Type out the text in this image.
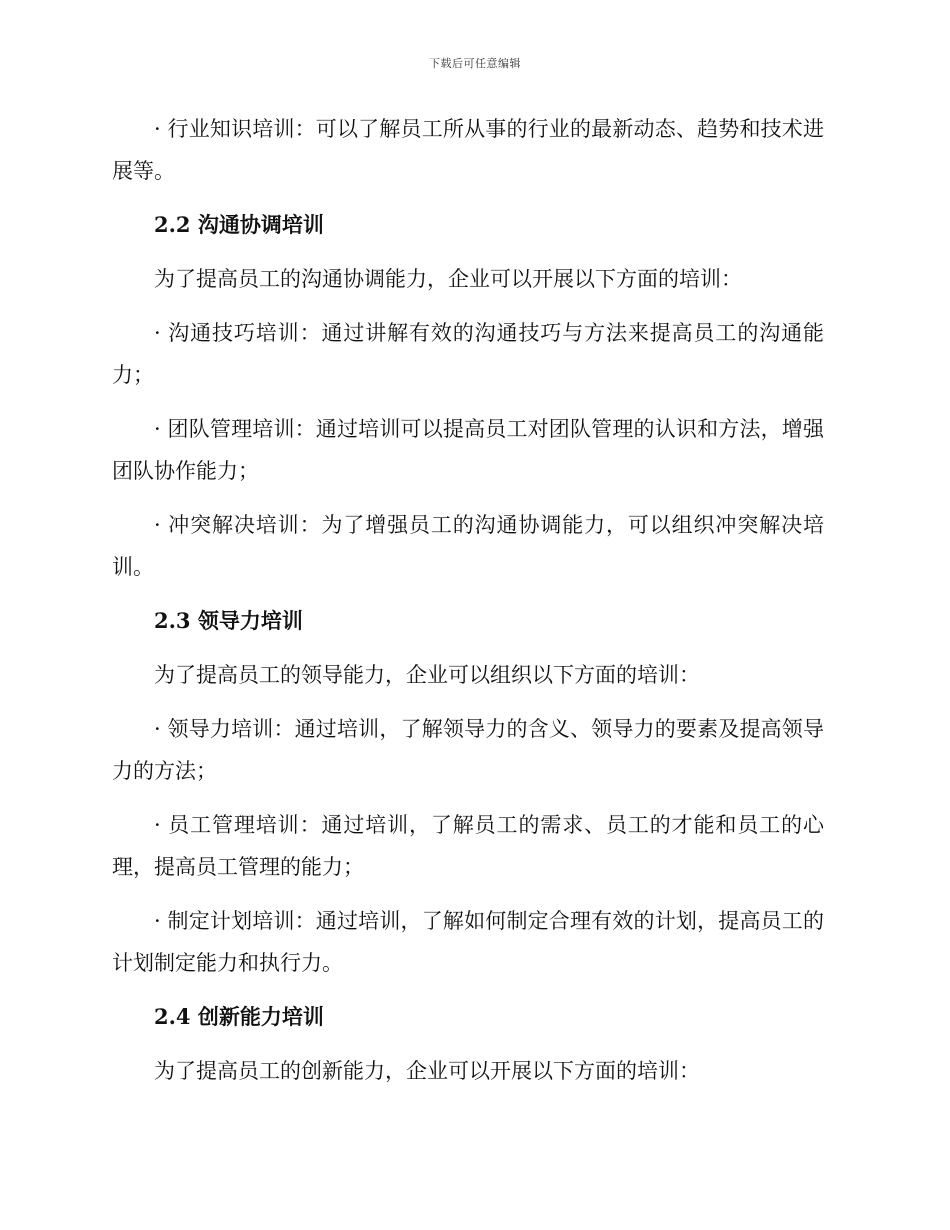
下载后可任意编辑

· 行业知识培训：可以了解员工所从事的行业的最新动态、趋势和技术进展等。

2.2 沟通协调培训

为了提高员工的沟通协调能力，企业可以开展以下方面的培训：

· 沟通技巧培训：通过讲解有效的沟通技巧与方法来提高员工的沟通能力；

· 团队管理培训：通过培训可以提高员工对团队管理的认识和方法，增强团队协作能力；

· 冲突解决培训：为了增强员工的沟通协调能力，可以组织冲突解决培训。

2.3 领导力培训

为了提高员工的领导能力，企业可以组织以下方面的培训：

· 领导力培训：通过培训，了解领导力的含义、领导力的要素及提高领导力的方法；

· 员工管理培训：通过培训，了解员工的需求、员工的才能和员工的心理，提高员工管理的能力；

· 制定计划培训：通过培训，了解如何制定合理有效的计划，提高员工的计划制定能力和执行力。

2.4 创新能力培训

为了提高员工的创新能力，企业可以开展以下方面的培训：
